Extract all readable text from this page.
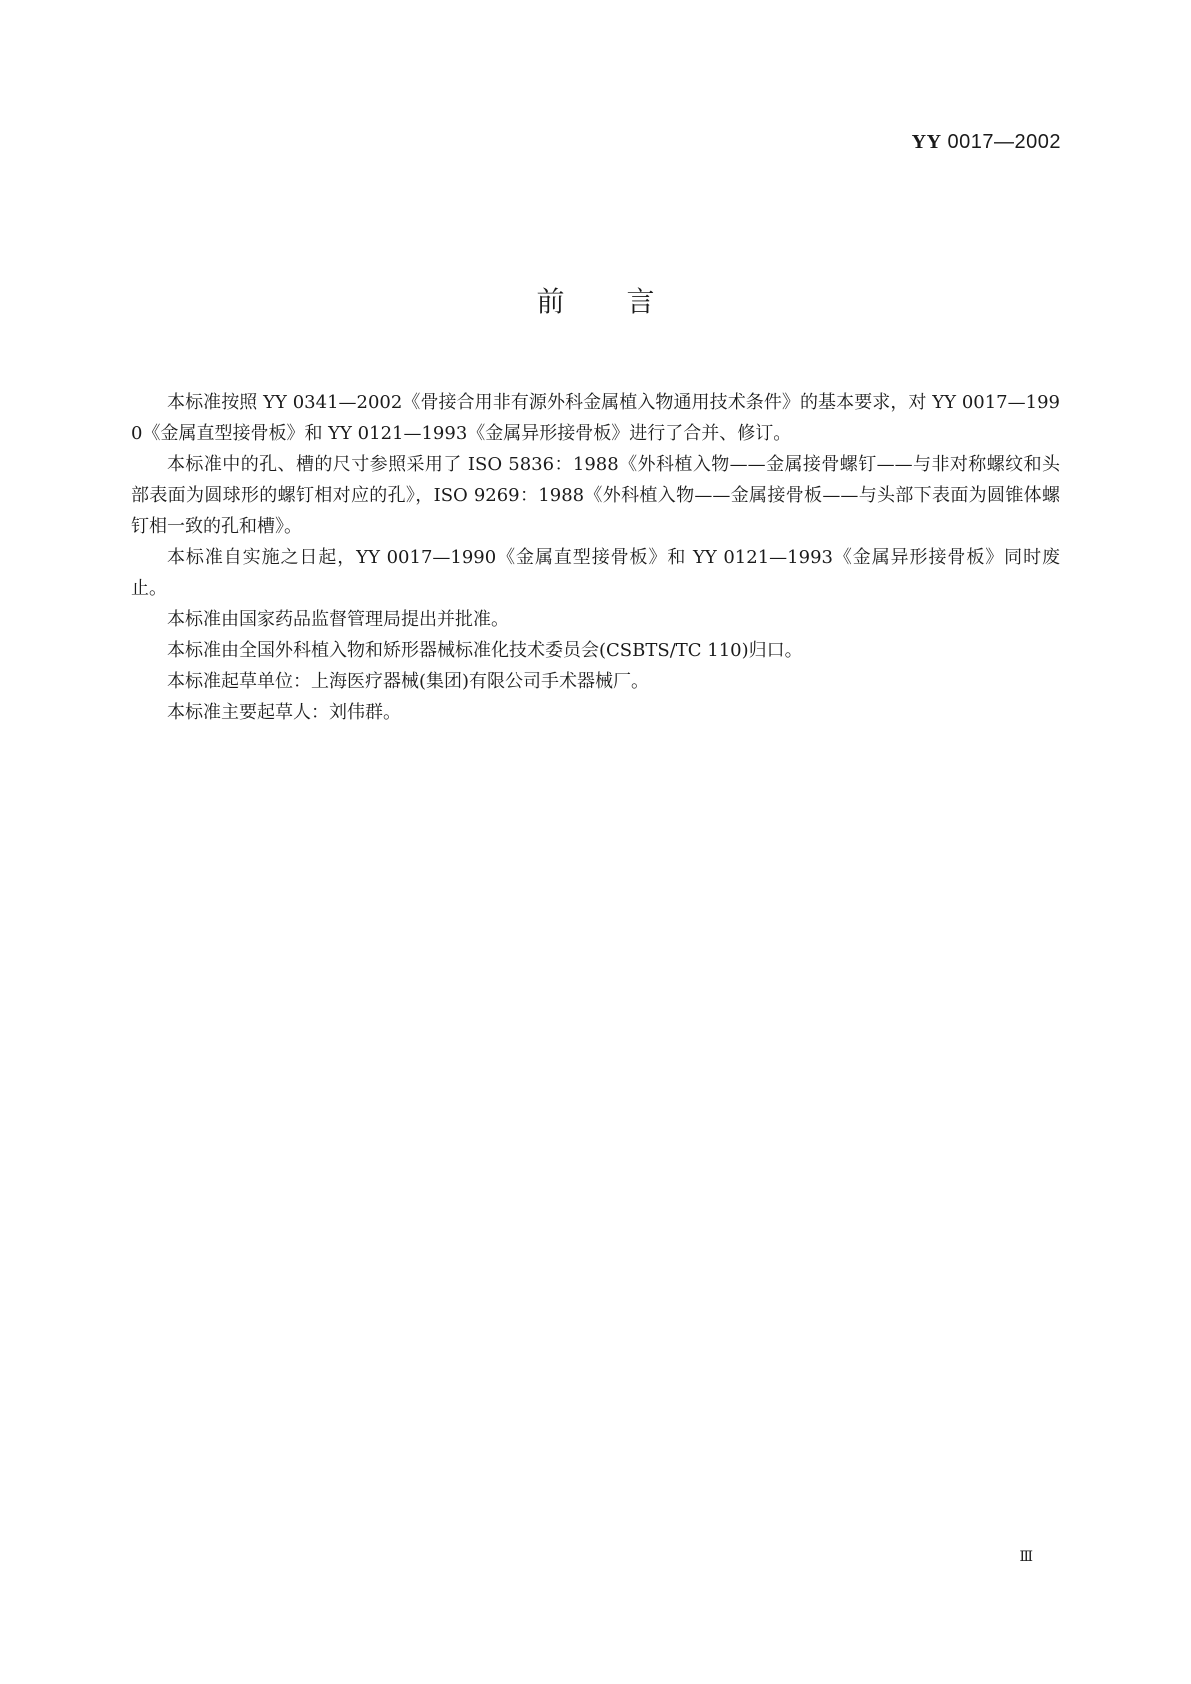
YY 0017—2002
前言

本标准按照 YY 0341—2002《骨接合用非有源外科金属植入物通用技术条件》的基本要求，对 YY 0017—1990《金属直型接骨板》和 YY 0121—1993《金属异形接骨板》进行了合并、修订。

本标准中的孔、槽的尺寸参照采用了 ISO 5836：1988《外科植入物——金属接骨螺钉——与非对称螺纹和头部表面为圆球形的螺钉相对应的孔》，ISO 9269：1988《外科植入物——金属接骨板——与头部下表面为圆锥体螺钉相一致的孔和槽》。

本标准自实施之日起，YY 0017—1990《金属直型接骨板》和 YY 0121—1993《金属异形接骨板》同时废止。

本标准由国家药品监督管理局提出并批准。

本标准由全国外科植入物和矫形器械标准化技术委员会(CSBTS/TC 110)归口。

本标准起草单位：上海医疗器械(集团)有限公司手术器械厂。

本标准主要起草人：刘伟群。

Ⅲ
